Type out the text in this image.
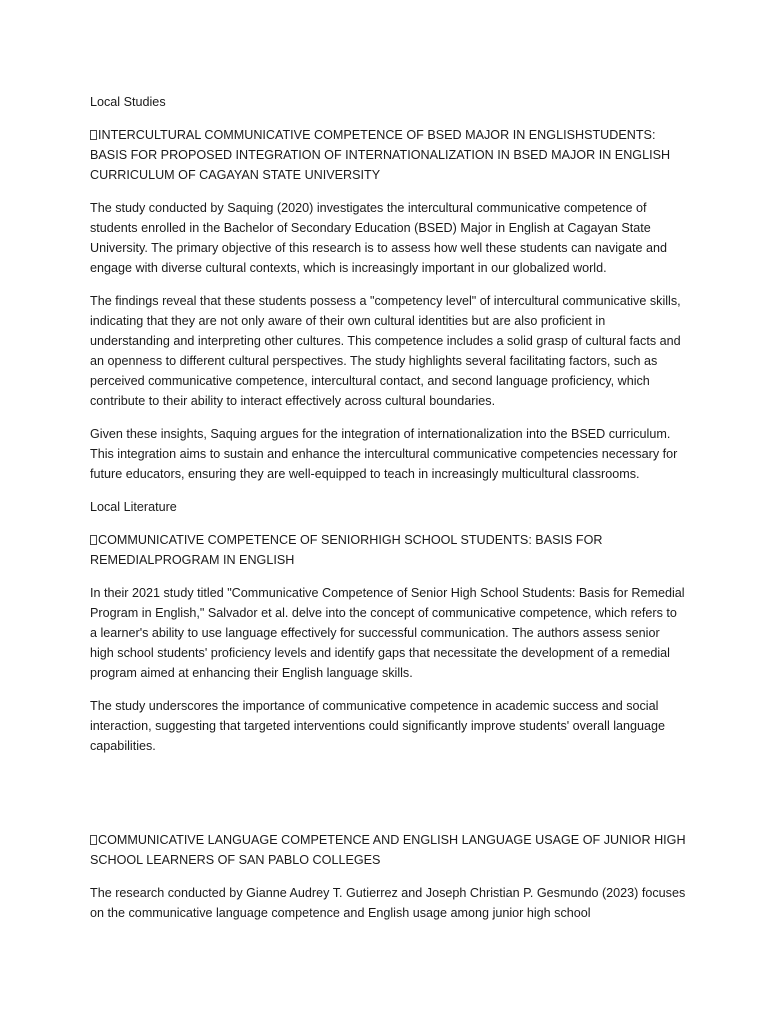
Local Studies

INTERCULTURAL COMMUNICATIVE COMPETENCE OF BSED MAJOR IN ENGLISHSTUDENTS: BASIS FOR PROPOSED INTEGRATION OF INTERNATIONALIZATION IN BSED MAJOR IN ENGLISH CURRICULUM OF CAGAYAN STATE UNIVERSITY

The study conducted by Saquing (2020) investigates the intercultural communicative competence of students enrolled in the Bachelor of Secondary Education (BSED) Major in English at Cagayan State University. The primary objective of this research is to assess how well these students can navigate and engage with diverse cultural contexts, which is increasingly important in our globalized world.

The findings reveal that these students possess a "competency level" of intercultural communicative skills, indicating that they are not only aware of their own cultural identities but are also proficient in understanding and interpreting other cultures. This competence includes a solid grasp of cultural facts and an openness to different cultural perspectives. The study highlights several facilitating factors, such as perceived communicative competence, intercultural contact, and second language proficiency, which contribute to their ability to interact effectively across cultural boundaries.

Given these insights, Saquing argues for the integration of internationalization into the BSED curriculum. This integration aims to sustain and enhance the intercultural communicative competencies necessary for future educators, ensuring they are well-equipped to teach in increasingly multicultural classrooms.

Local Literature

COMMUNICATIVE COMPETENCE OF SENIORHIGH SCHOOL STUDENTS: BASIS FOR REMEDIALPROGRAM IN ENGLISH

In their 2021 study titled "Communicative Competence of Senior High School Students: Basis for Remedial Program in English," Salvador et al. delve into the concept of communicative competence, which refers to a learner's ability to use language effectively for successful communication. The authors assess senior high school students' proficiency levels and identify gaps that necessitate the development of a remedial program aimed at enhancing their English language skills.

The study underscores the importance of communicative competence in academic success and social interaction, suggesting that targeted interventions could significantly improve students' overall language capabilities.

COMMUNICATIVE LANGUAGE COMPETENCE AND ENGLISH LANGUAGE USAGE OF JUNIOR HIGH SCHOOL LEARNERS OF SAN PABLO COLLEGES

The research conducted by Gianne Audrey T. Gutierrez and Joseph Christian P. Gesmundo (2023) focuses on the communicative language competence and English usage among junior high school
